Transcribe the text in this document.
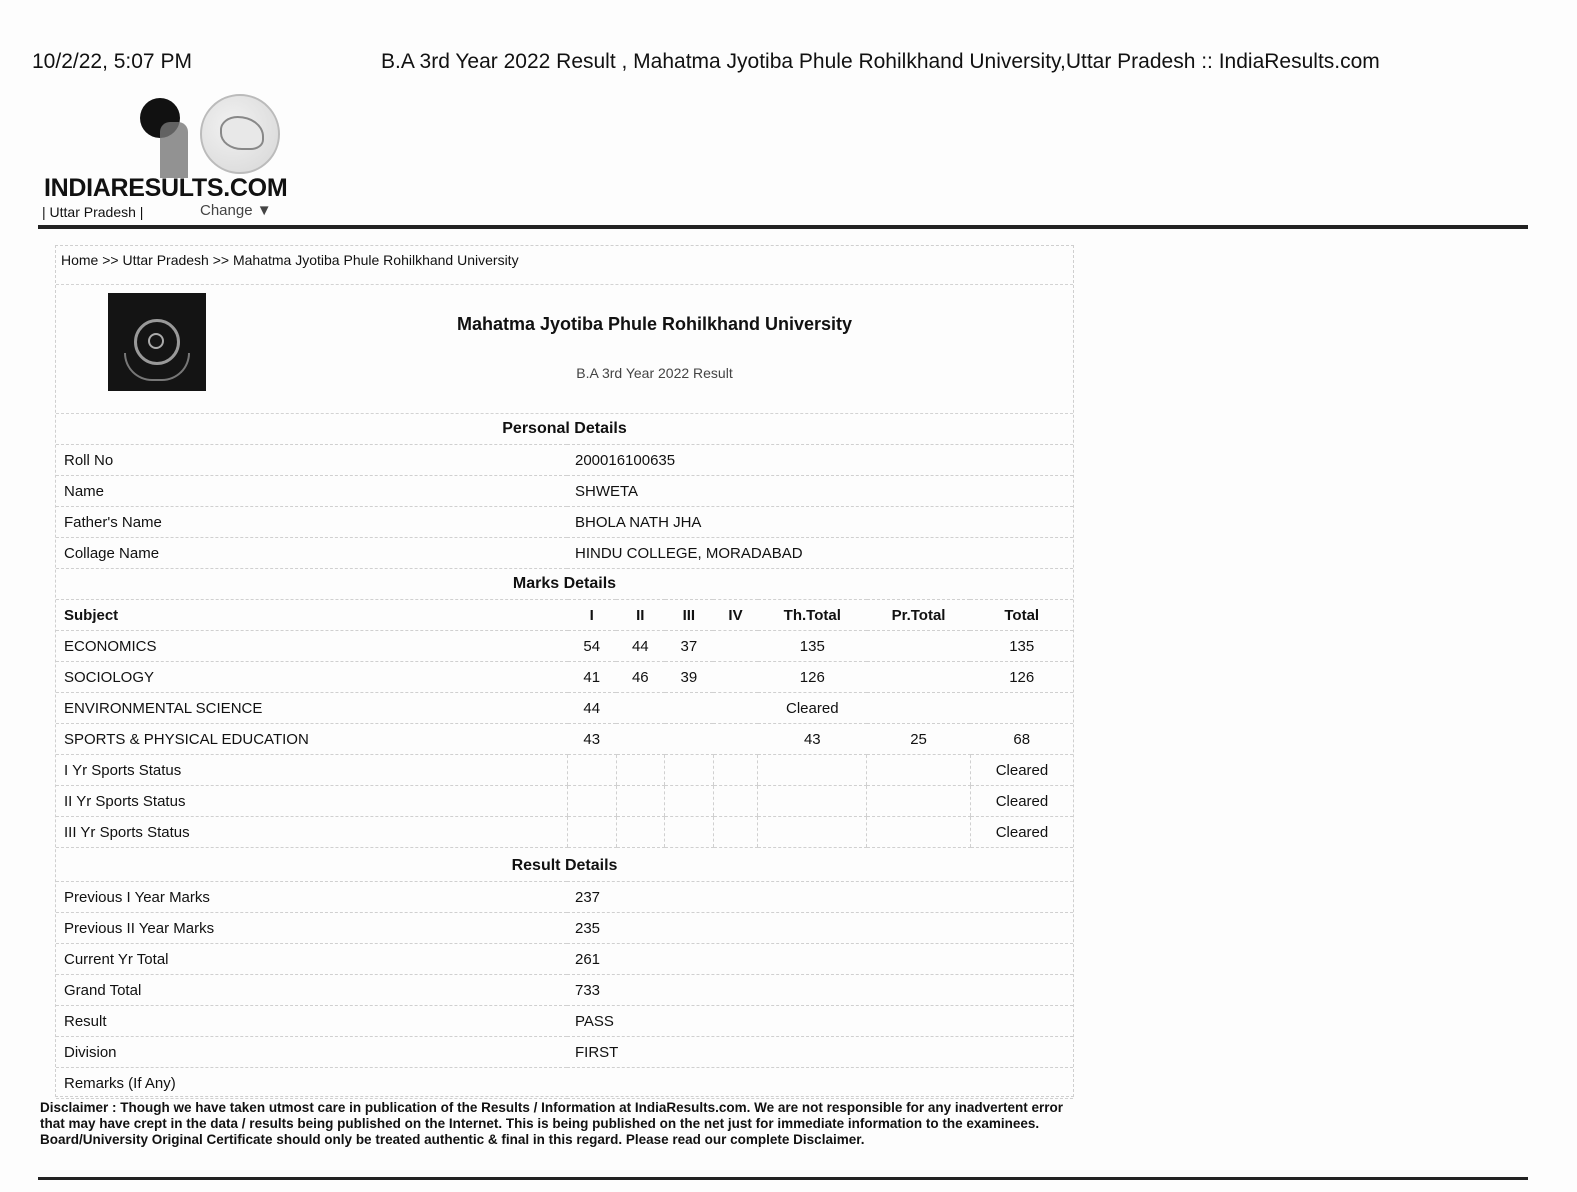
10/2/22, 5:07 PM	B.A 3rd Year 2022 Result , Mahatma Jyotiba Phule Rohilkhand University,Uttar Pradesh :: IndiaResults.com
INDIARESULTS.COM
| Uttar Pradesh |	Change ▼
Home >> Uttar Pradesh >> Mahatma Jyotiba Phule Rohilkhand University
Mahatma Jyotiba Phule Rohilkhand University
B.A 3rd Year 2022 Result
Personal Details	
Roll No	200016100635
Name	SHWETA
Father's Name	BHOLA NATH JHA
Collage Name	HINDU COLLEGE, MORADABAD
Marks Details							
Subject	I	II	III	IV	Th.Total	Pr.Total	Total
ECONOMICS	54	44	37		135		135
SOCIOLOGY	41	46	39		126		126
ENVIRONMENTAL SCIENCE	44				Cleared		
SPORTS & PHYSICAL EDUCATION	43				43	25	68
I Yr Sports Status							Cleared
II Yr Sports Status							Cleared
III Yr Sports Status							Cleared
Result Details	
Previous I Year Marks	237
Previous II Year Marks	235
Current Yr Total	261
Grand Total	733
Result	PASS
Division	FIRST
Remarks (If Any)	
Disclaimer : Though we have taken utmost care in publication of the Results / Information at IndiaResults.com. We are not responsible for any inadvertent error that may have crept in the data / results being published on the Internet. This is being published on the net just for immediate information to the examinees. Board/University Original Certificate should only be treated authentic & final in this regard. Please read our complete Disclaimer.
